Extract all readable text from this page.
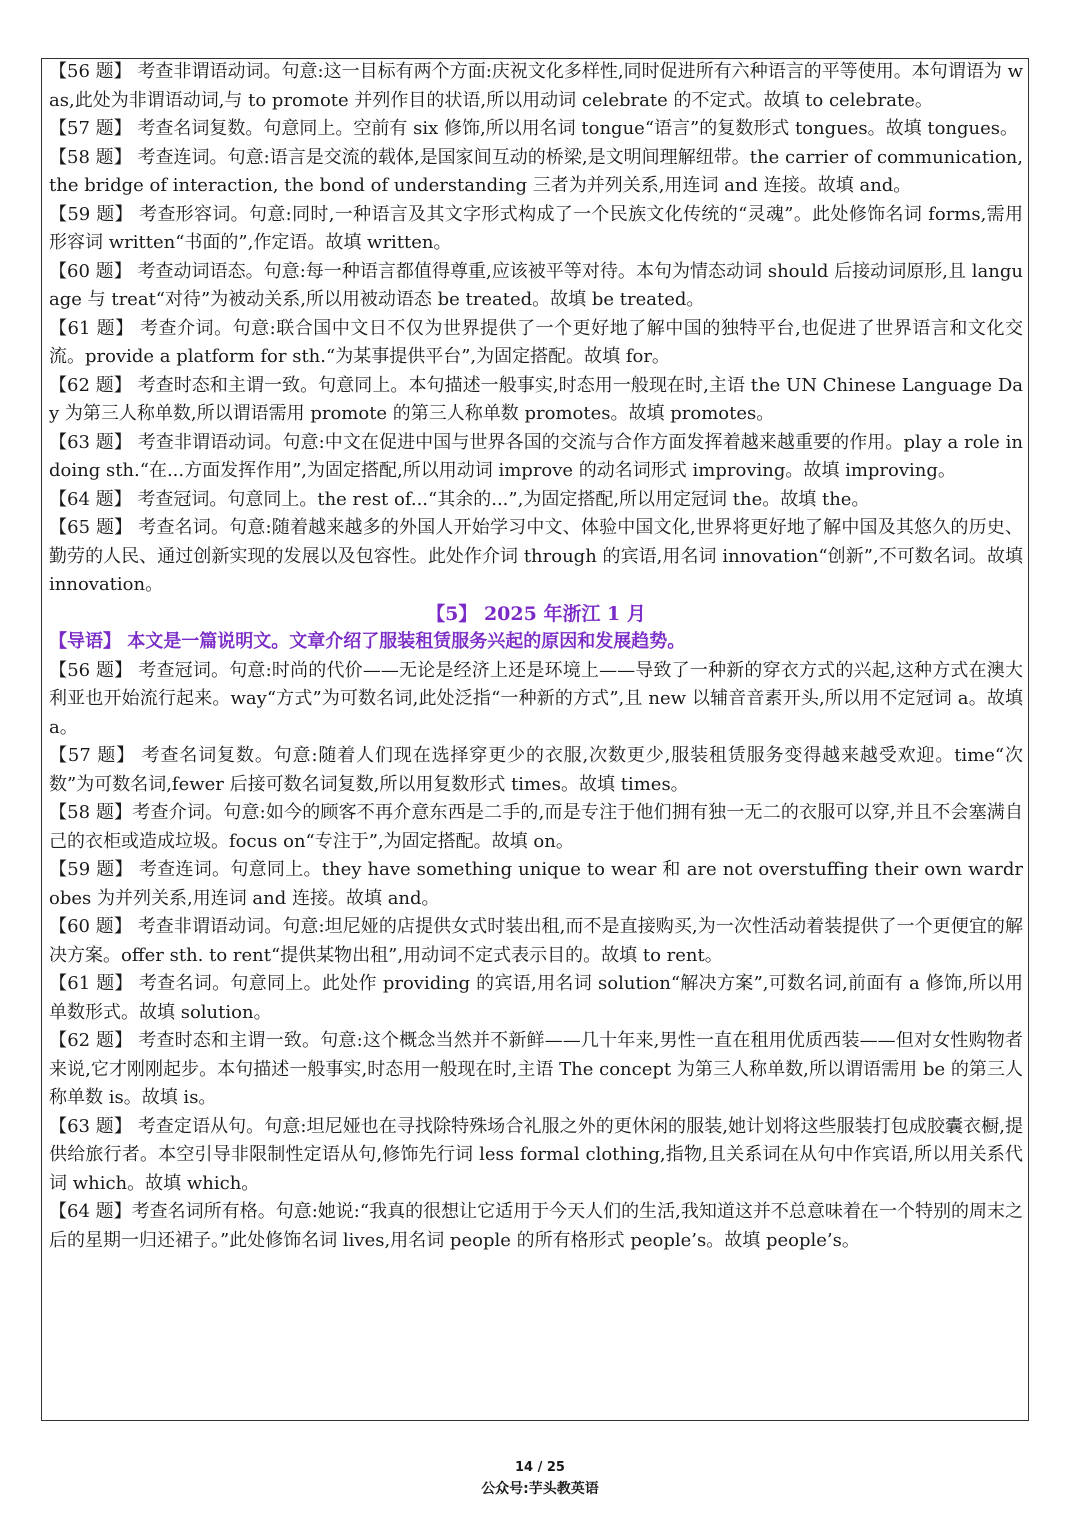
【56 题】 考查非谓语动词。句意:这一目标有两个方面:庆祝文化多样性,同时促进所有六种语言的平等使用。本句谓语为 was,此处为非谓语动词,与 to promote 并列作目的状语,所以用动词 celebrate 的不定式。故填 to celebrate。

【57 题】 考查名词复数。句意同上。空前有 six 修饰,所以用名词 tongue“语言”的复数形式 tongues。故填 tongues。

【58 题】 考查连词。句意:语言是交流的载体,是国家间互动的桥梁,是文明间理解纽带。the carrier of communication, the bridge of interaction, the bond of understanding 三者为并列关系,用连词 and 连接。故填 and。

【59 题】 考查形容词。句意:同时,一种语言及其文字形式构成了一个民族文化传统的“灵魂”。此处修饰名词 forms,需用形容词 written“书面的”,作定语。故填 written。

【60 题】 考查动词语态。句意:每一种语言都值得尊重,应该被平等对待。本句为情态动词 should 后接动词原形,且 language 与 treat“对待”为被动关系,所以用被动语态 be treated。故填 be treated。

【61 题】 考查介词。句意:联合国中文日不仅为世界提供了一个更好地了解中国的独特平台,也促进了世界语言和文化交流。provide a platform for sth.“为某事提供平台”,为固定搭配。故填 for。

【62 题】 考查时态和主谓一致。句意同上。本句描述一般事实,时态用一般现在时,主语 the UN Chinese Language Day 为第三人称单数,所以谓语需用 promote 的第三人称单数 promotes。故填 promotes。

【63 题】 考查非谓语动词。句意:中文在促进中国与世界各国的交流与合作方面发挥着越来越重要的作用。play a role in doing sth.“在...方面发挥作用”,为固定搭配,所以用动词 improve 的动名词形式 improving。故填 improving。

【64 题】 考查冠词。句意同上。the rest of...“其余的...”,为固定搭配,所以用定冠词 the。故填 the。

【65 题】 考查名词。句意:随着越来越多的外国人开始学习中文、体验中国文化,世界将更好地了解中国及其悠久的历史、勤劳的人民、通过创新实现的发展以及包容性。此处作介词 through 的宾语,用名词 innovation“创新”,不可数名词。故填 innovation。

【5】 2025 年浙江 1 月

【导语】 本文是一篇说明文。文章介绍了服装租赁服务兴起的原因和发展趋势。

【56 题】 考查冠词。句意:时尚的代价——无论是经济上还是环境上——导致了一种新的穿衣方式的兴起,这种方式在澳大利亚也开始流行起来。way“方式”为可数名词,此处泛指“一种新的方式”,且 new 以辅音音素开头,所以用不定冠词 a。故填 a。

【57 题】 考查名词复数。句意:随着人们现在选择穿更少的衣服,次数更少,服装租赁服务变得越来越受欢迎。time“次数”为可数名词,fewer 后接可数名词复数,所以用复数形式 times。故填 times。

【58 题】考查介词。句意:如今的顾客不再介意东西是二手的,而是专注于他们拥有独一无二的衣服可以穿,并且不会塞满自己的衣柜或造成垃圾。focus on“专注于”,为固定搭配。故填 on。

【59 题】 考查连词。句意同上。they have something unique to wear 和 are not overstuffing their own wardrobes 为并列关系,用连词 and 连接。故填 and。

【60 题】 考查非谓语动词。句意:坦尼娅的店提供女式时装出租,而不是直接购买,为一次性活动着装提供了一个更便宜的解决方案。offer sth. to rent“提供某物出租”,用动词不定式表示目的。故填 to rent。

【61 题】 考查名词。句意同上。此处作 providing 的宾语,用名词 solution“解决方案”,可数名词,前面有 a 修饰,所以用单数形式。故填 solution。

【62 题】 考查时态和主谓一致。句意:这个概念当然并不新鲜——几十年来,男性一直在租用优质西装——但对女性购物者来说,它才刚刚起步。本句描述一般事实,时态用一般现在时,主语 The concept 为第三人称单数,所以谓语需用 be 的第三人称单数 is。故填 is。

【63 题】 考查定语从句。句意:坦尼娅也在寻找除特殊场合礼服之外的更休闲的服装,她计划将这些服装打包成胶囊衣橱,提供给旅行者。本空引导非限制性定语从句,修饰先行词 less formal clothing,指物,且关系词在从句中作宾语,所以用关系代词 which。故填 which。

【64 题】考查名词所有格。句意:她说:“我真的很想让它适用于今天人们的生活,我知道这并不总意味着在一个特别的周末之后的星期一归还裙子。”此处修饰名词 lives,用名词 people 的所有格形式 people’s。故填 people’s。

14 / 25
公众号:芋头教英语
